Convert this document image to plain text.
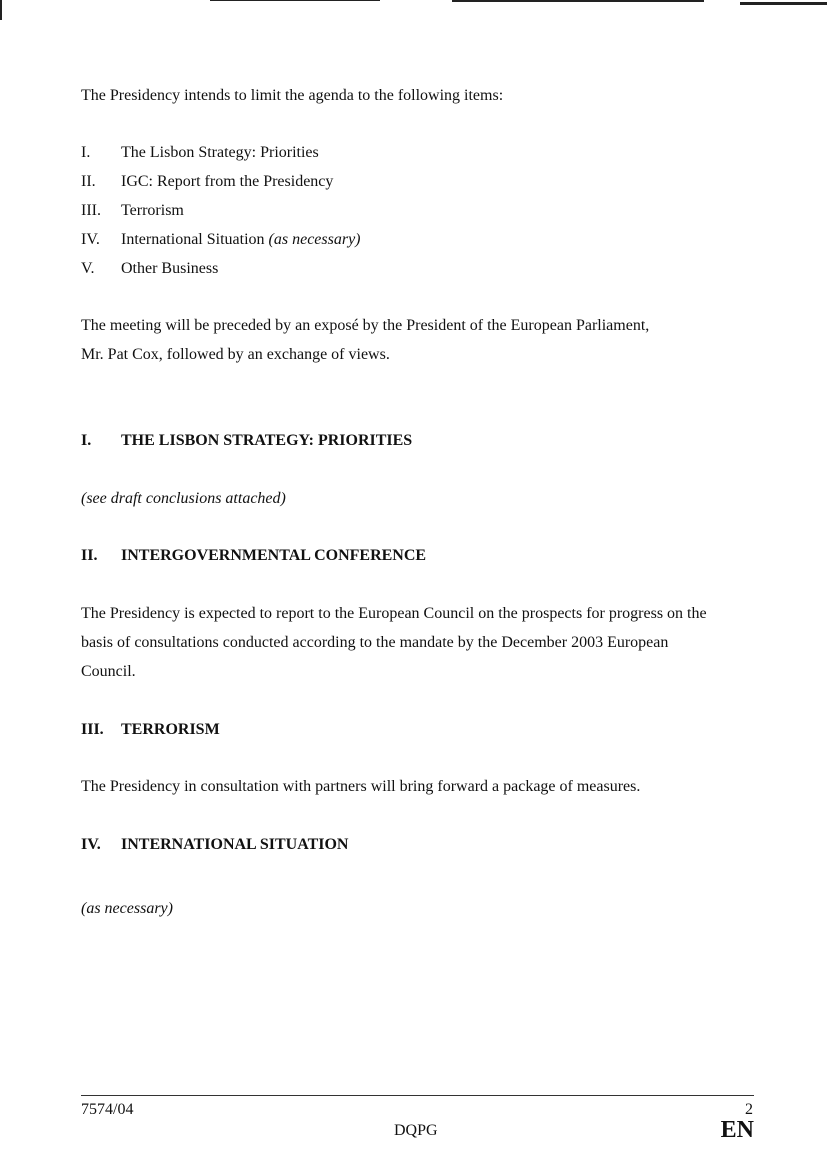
The Presidency intends to limit the agenda to the following items:
I. The Lisbon Strategy: Priorities
II. IGC: Report from the Presidency
III. Terrorism
IV. International Situation (as necessary)
V. Other Business
The meeting will be preceded by an exposé by the President of the European Parliament,
Mr. Pat Cox, followed by an exchange of views.
I. THE LISBON STRATEGY: PRIORITIES
(see draft conclusions attached)
II. INTERGOVERNMENTAL CONFERENCE
The Presidency is expected to report to the European Council on the prospects for progress on the
basis of consultations conducted according to the mandate by the December 2003 European
Council.
III. TERRORISM
The Presidency in consultation with partners will bring forward a package of measures.
IV. INTERNATIONAL SITUATION
(as necessary)
7574/04
DQPG
2
EN
